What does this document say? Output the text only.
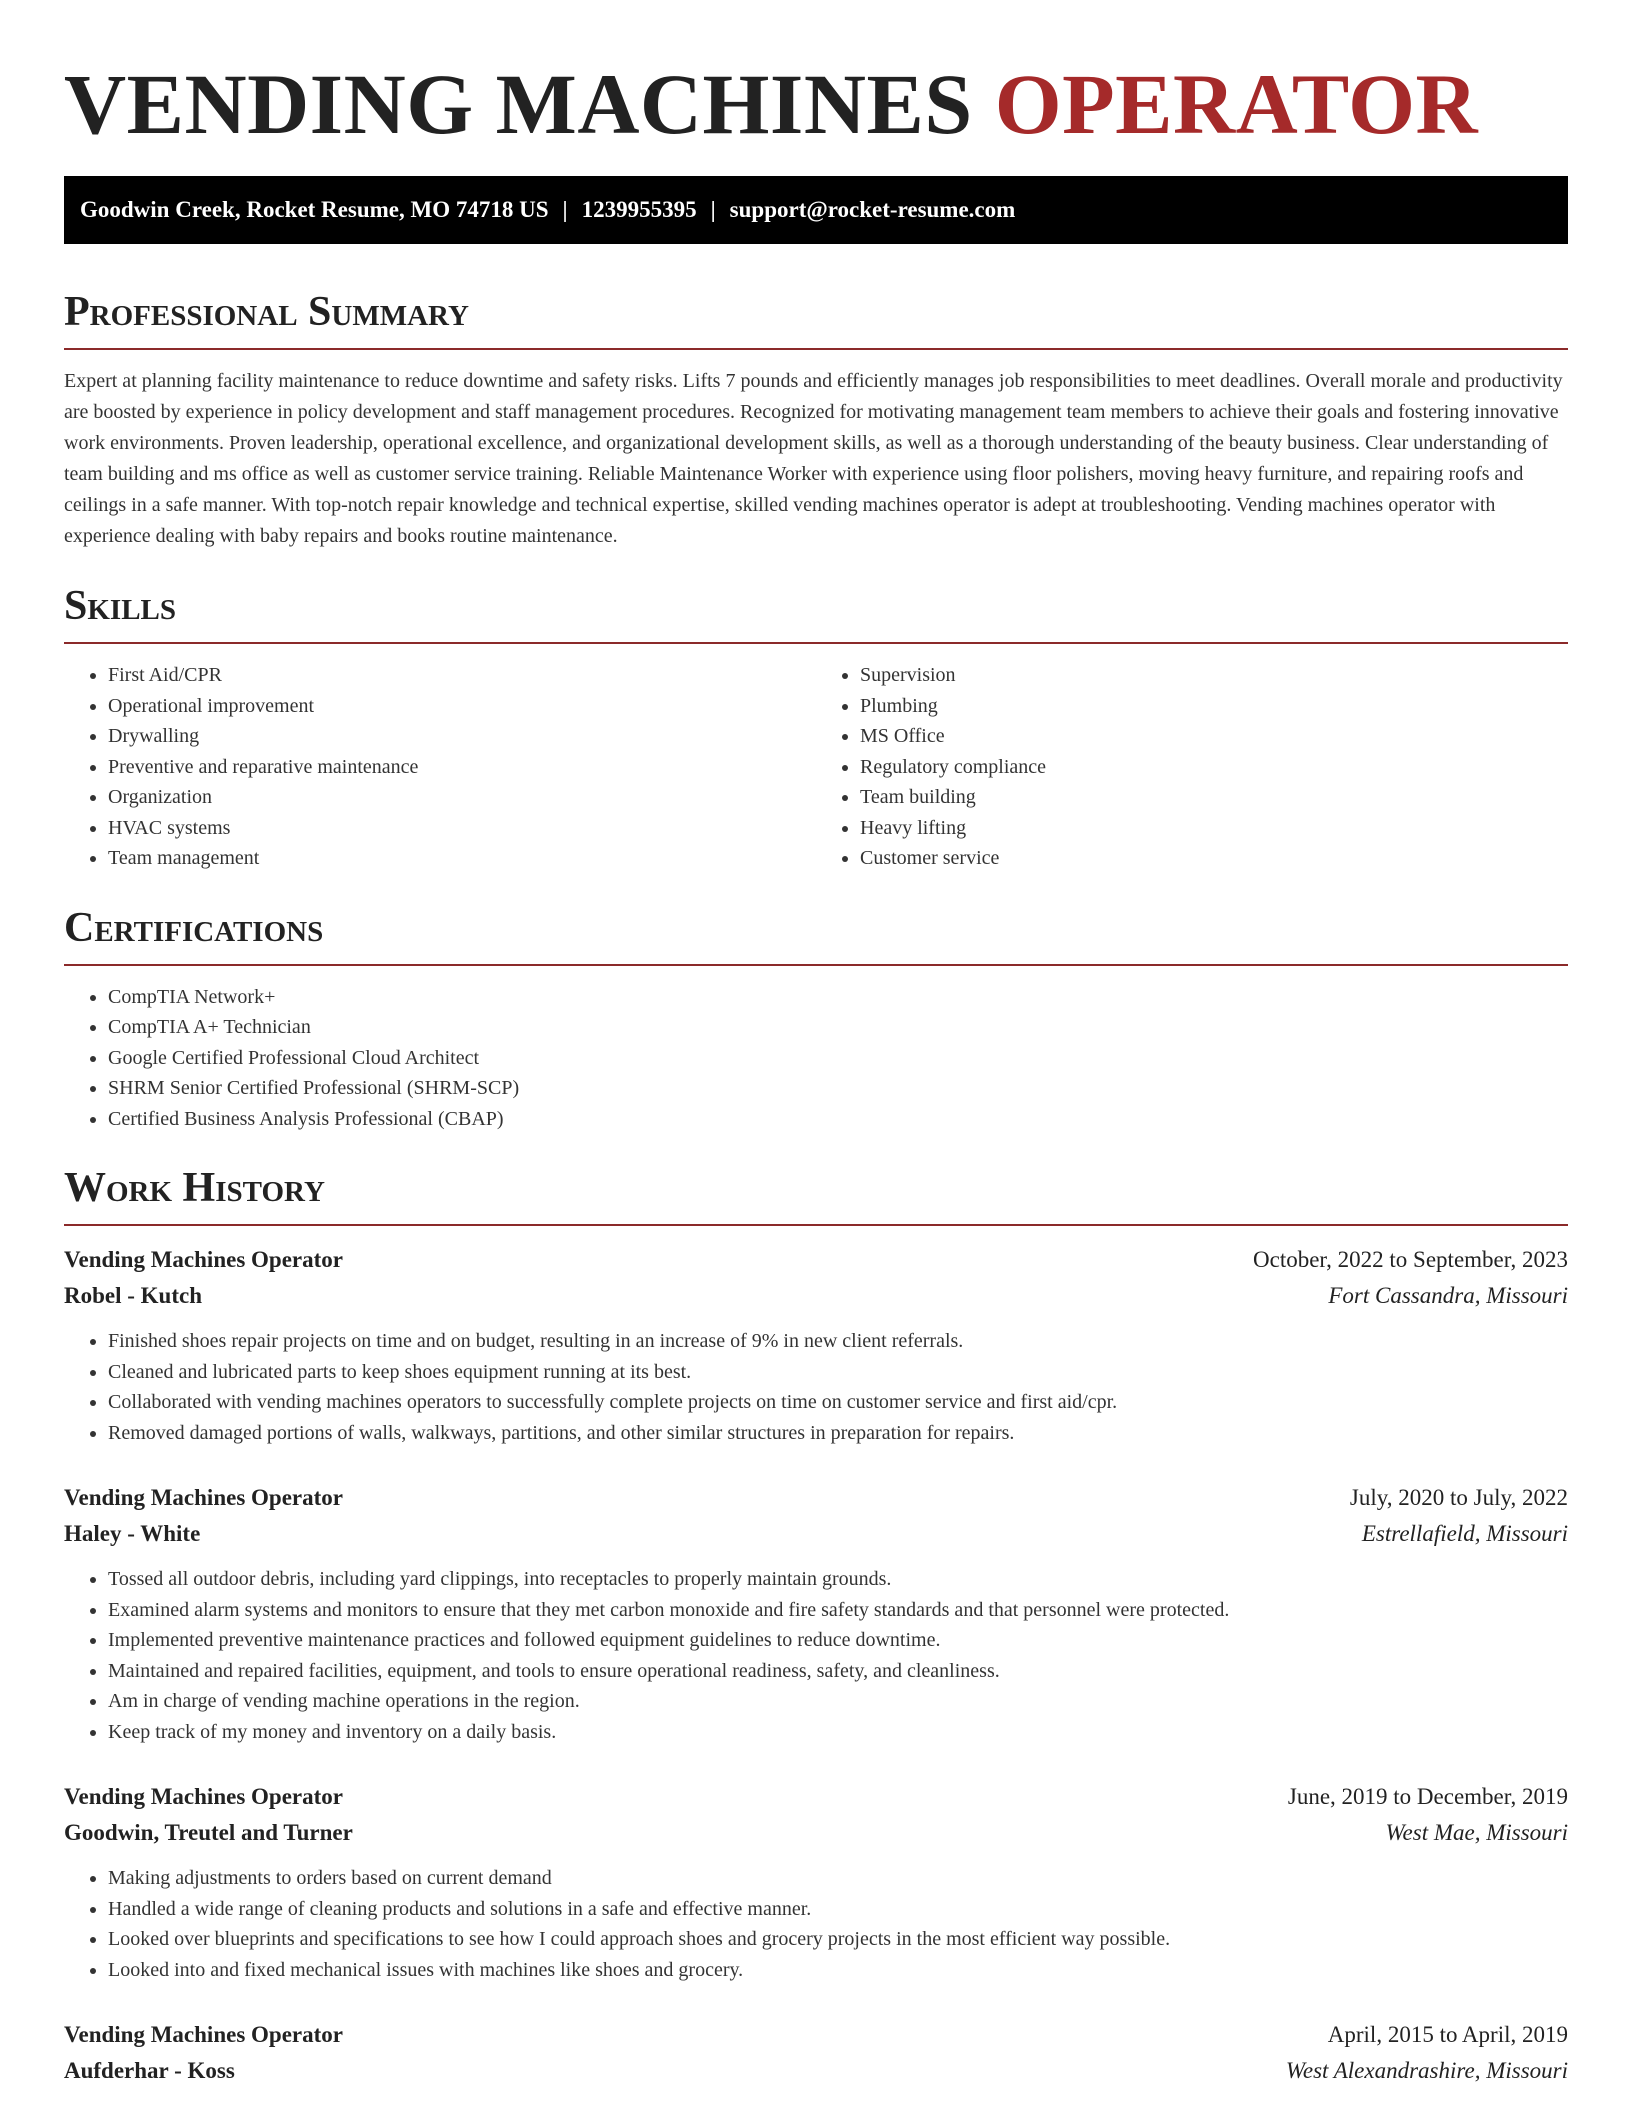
VENDING MACHINES OPERATOR
Goodwin Creek, Rocket Resume, MO 74718 US | 1239955395 | support@rocket-resume.com
Professional Summary

Expert at planning facility maintenance to reduce downtime and safety risks. Lifts 7 pounds and efficiently manages job responsibilities to meet deadlines. Overall morale and productivity are boosted by experience in policy development and staff management procedures. Recognized for motivating management team members to achieve their goals and fostering innovative work environments. Proven leadership, operational excellence, and organizational development skills, as well as a thorough understanding of the beauty business. Clear understanding of team building and ms office as well as customer service training. Reliable Maintenance Worker with experience using floor polishers, moving heavy furniture, and repairing roofs and ceilings in a safe manner. With top-notch repair knowledge and technical expertise, skilled vending machines operator is adept at troubleshooting. Vending machines operator with experience dealing with baby repairs and books routine maintenance.

Skills
• First Aid/CPR
• Operational improvement
• Drywalling
• Preventive and reparative maintenance
• Organization
• HVAC systems
• Team management
• Supervision
• Plumbing
• MS Office
• Regulatory compliance
• Team building
• Heavy lifting
• Customer service
Certifications
• CompTIA Network+
• CompTIA A+ Technician
• Google Certified Professional Cloud Architect
• SHRM Senior Certified Professional (SHRM-SCP)
• Certified Business Analysis Professional (CBAP)
Work History
Vending Machines Operator	October, 2022 to September, 2023
Robel - Kutch	Fort Cassandra, Missouri
• Finished shoes repair projects on time and on budget, resulting in an increase of 9% in new client referrals.
• Cleaned and lubricated parts to keep shoes equipment running at its best.
• Collaborated with vending machines operators to successfully complete projects on time on customer service and first aid/cpr.
• Removed damaged portions of walls, walkways, partitions, and other similar structures in preparation for repairs.
Vending Machines Operator	July, 2020 to July, 2022
Haley - White	Estrellafield, Missouri
• Tossed all outdoor debris, including yard clippings, into receptacles to properly maintain grounds.
• Examined alarm systems and monitors to ensure that they met carbon monoxide and fire safety standards and that personnel were protected.
• Implemented preventive maintenance practices and followed equipment guidelines to reduce downtime.
• Maintained and repaired facilities, equipment, and tools to ensure operational readiness, safety, and cleanliness.
• Am in charge of vending machine operations in the region.
• Keep track of my money and inventory on a daily basis.
Vending Machines Operator	June, 2019 to December, 2019
Goodwin, Treutel and Turner	West Mae, Missouri
• Making adjustments to orders based on current demand
• Handled a wide range of cleaning products and solutions in a safe and effective manner.
• Looked over blueprints and specifications to see how I could approach shoes and grocery projects in the most efficient way possible.
• Looked into and fixed mechanical issues with machines like shoes and grocery.
Vending Machines Operator	April, 2015 to April, 2019
Aufderhar - Koss	West Alexandrashire, Missouri
